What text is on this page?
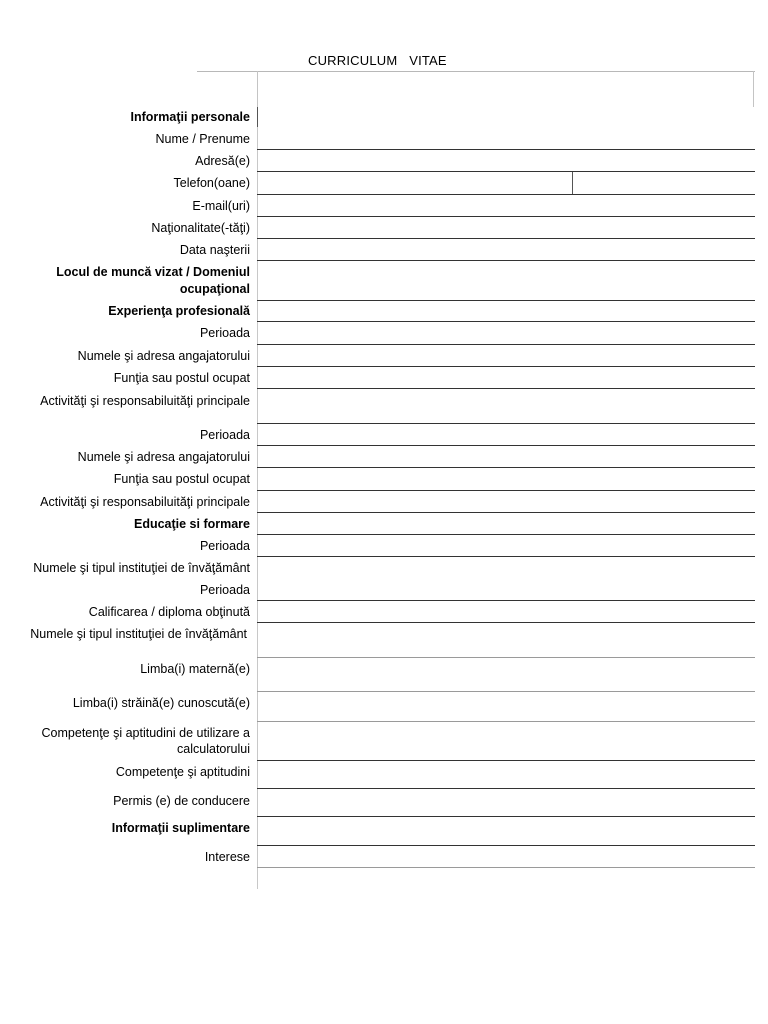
CURRICULUM VITAE
Informaţii personale
Nume / Prenume
Adresă(e)
Telefon(oane)
E-mail(uri)
Naţionalitate(-tăţi)
Data naşterii
Locul de muncă vizat / Domeniul
ocupaţional
Experienţa profesională
Perioada
Numele şi adresa angajatorului
Funţia sau postul ocupat
Activităţi şi responsabiluităţi principale
Perioada
Numele şi adresa angajatorului
Funţia sau postul ocupat
Activităţi şi responsabiluităţi principale
Educaţie si formare
Perioada
Numele şi tipul instituţiei de învăţământ
Perioada
Calificarea / diploma obţinută
Numele şi tipul instituţiei de învăţământ
Limba(i) maternă(e)
Limba(i) străină(e) cunoscută(e)
Competenţe şi aptitudini de utilizare a
calculatorului
Competenţe şi aptitudini
Permis (e) de conducere
Informaţii suplimentare
Interese
